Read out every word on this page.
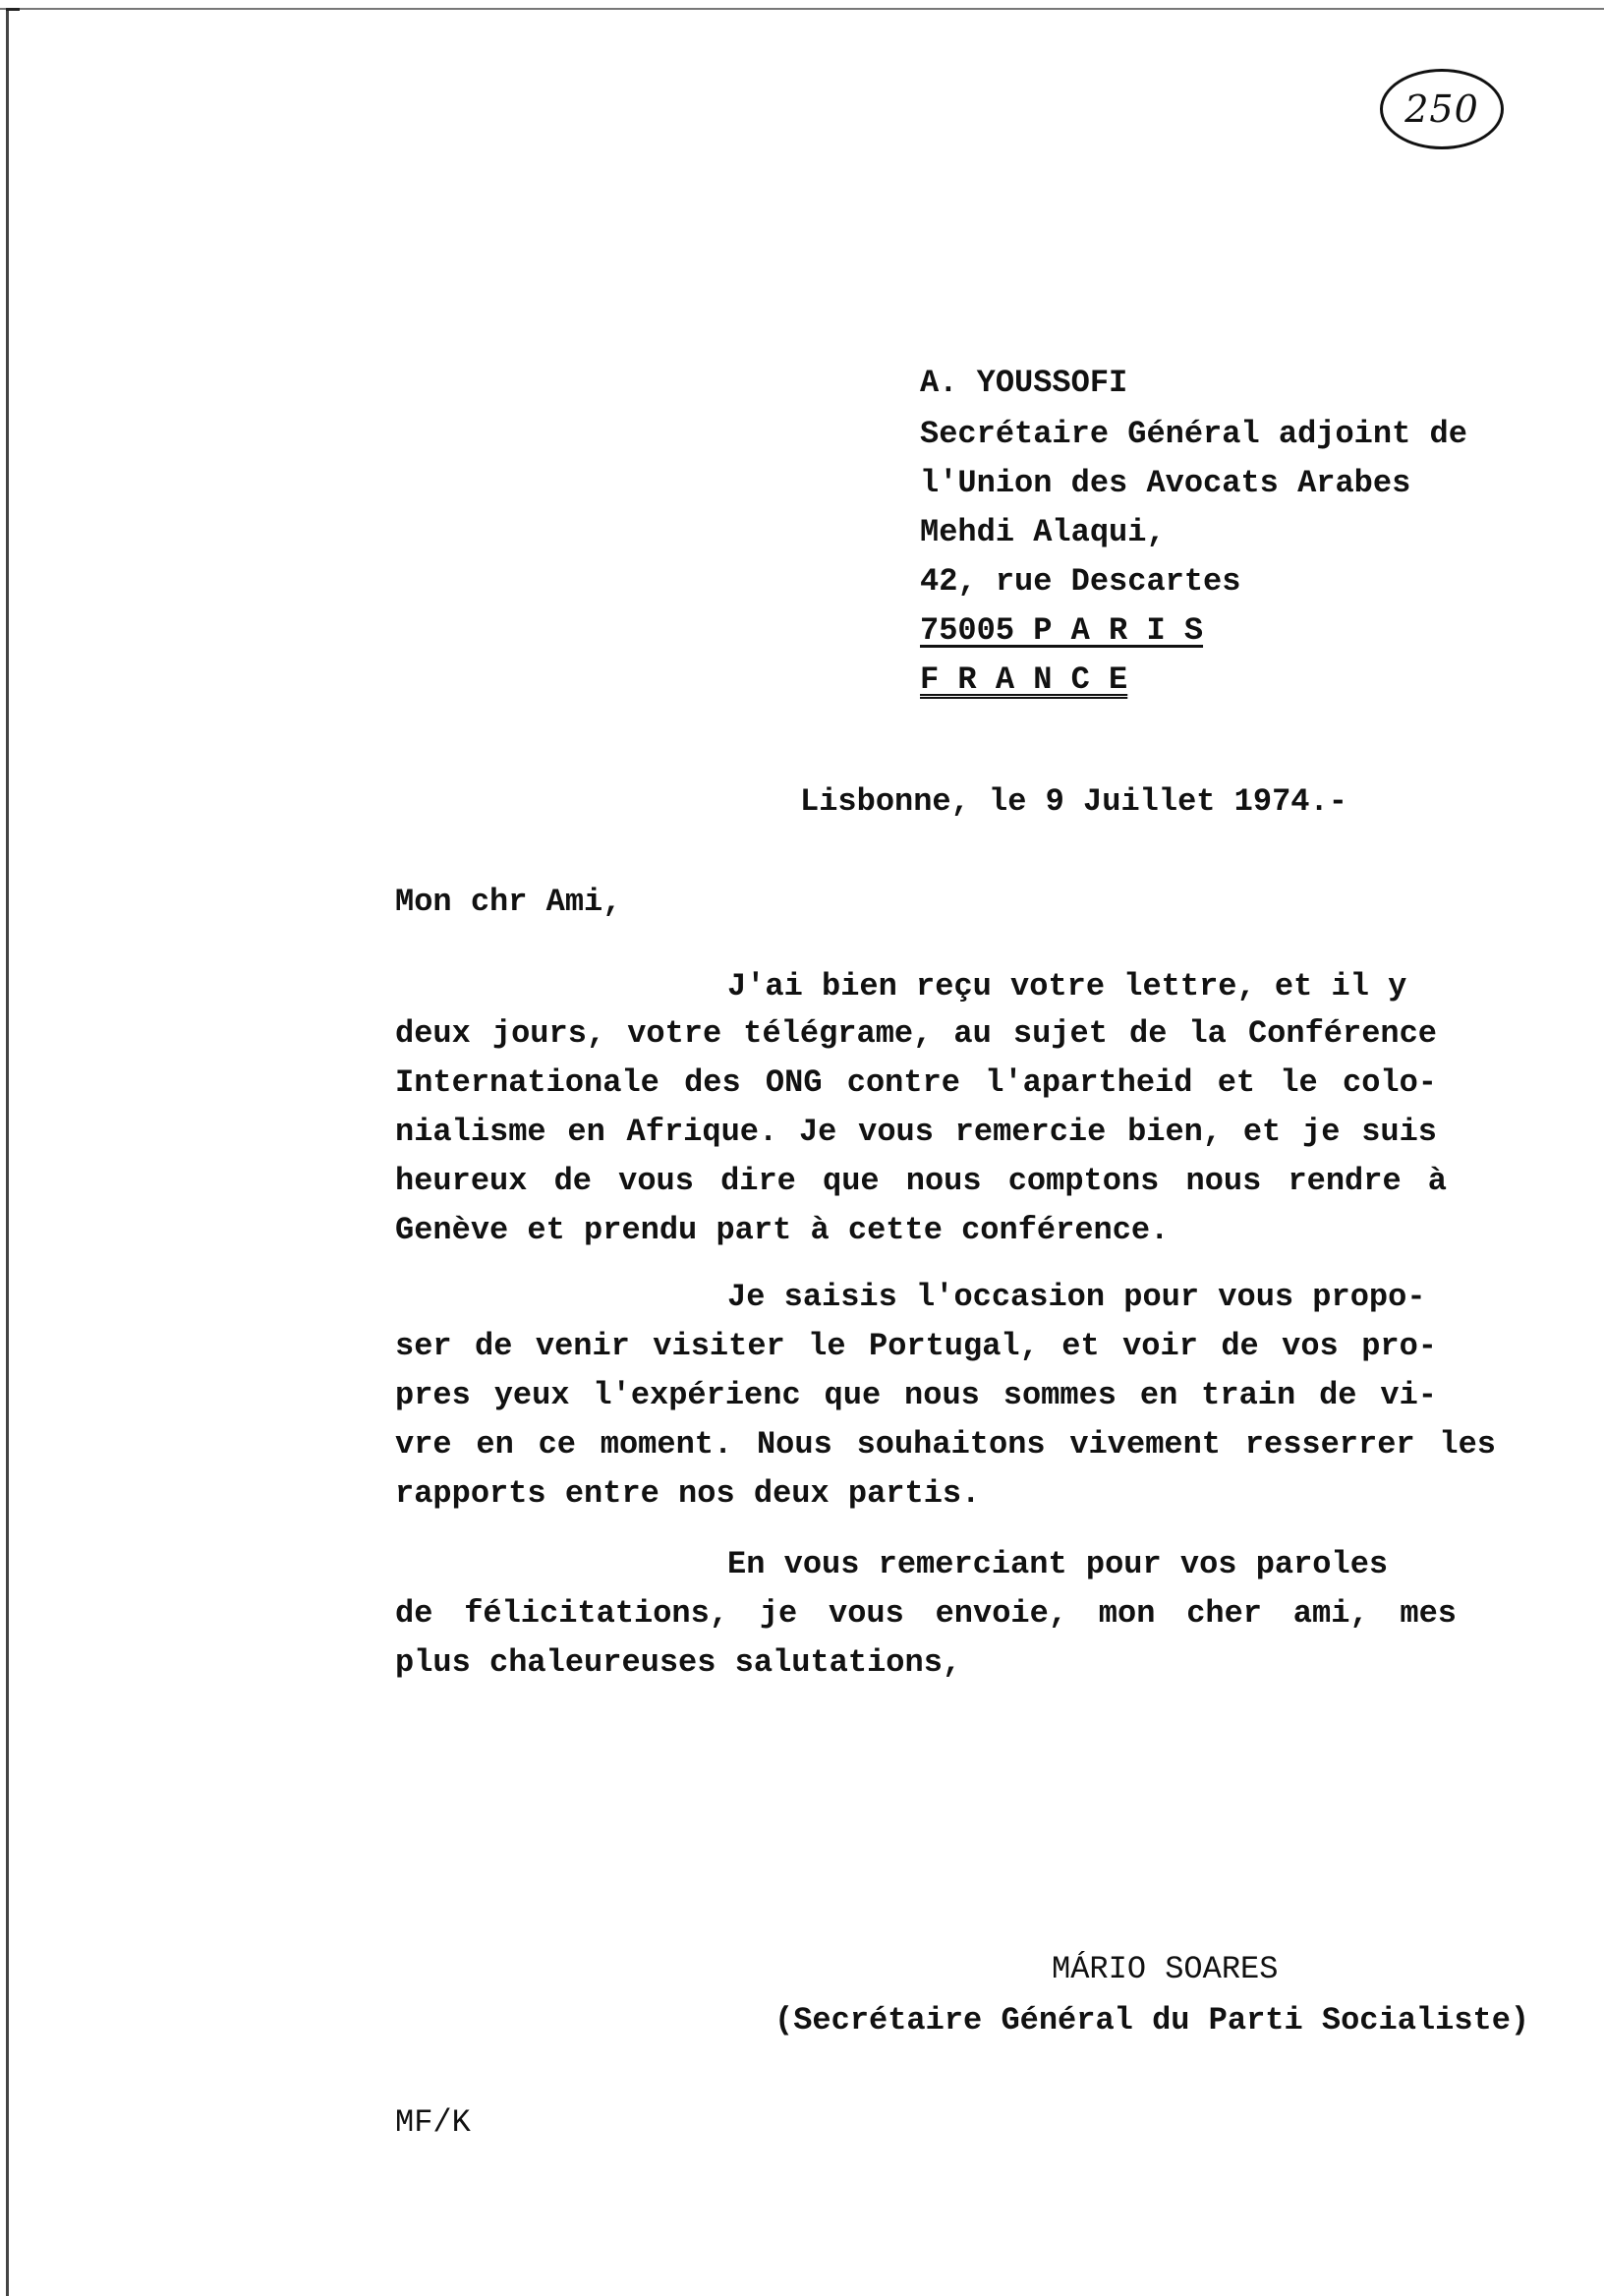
250
A. YOUSSOFI
Secrétaire Général adjoint de
l'Union des Avocats Arabes
Mehdi Alaqui,
42, rue Descartes
75005 P A R I S
F R A N C E
Lisbonne, le 9 Juillet 1974.-
Mon chr Ami,
J'ai bien reçu votre lettre, et il y
deux jours, votre télégrame, au sujet de la Conférence
Internationale des ONG contre l'apartheid et le colo-
nialisme en Afrique. Je vous remercie bien, et je suis
heureux de vous dire que nous comptons nous rendre à
Genève et prendu part à cette conférence.
Je saisis l'occasion pour vous propo-
ser de venir visiter le Portugal, et voir de vos pro-
pres yeux l'expérienc que nous sommes en train de vi-
vre en ce moment. Nous souhaitons vivement resserrer les
rapports entre nos deux partis.
En vous remerciant pour vos paroles
de félicitations, je vous envoie, mon cher ami, mes
plus chaleureuses salutations,
MÁRIO SOARES
(Secrétaire Général du Parti Socialiste)
MF/K
